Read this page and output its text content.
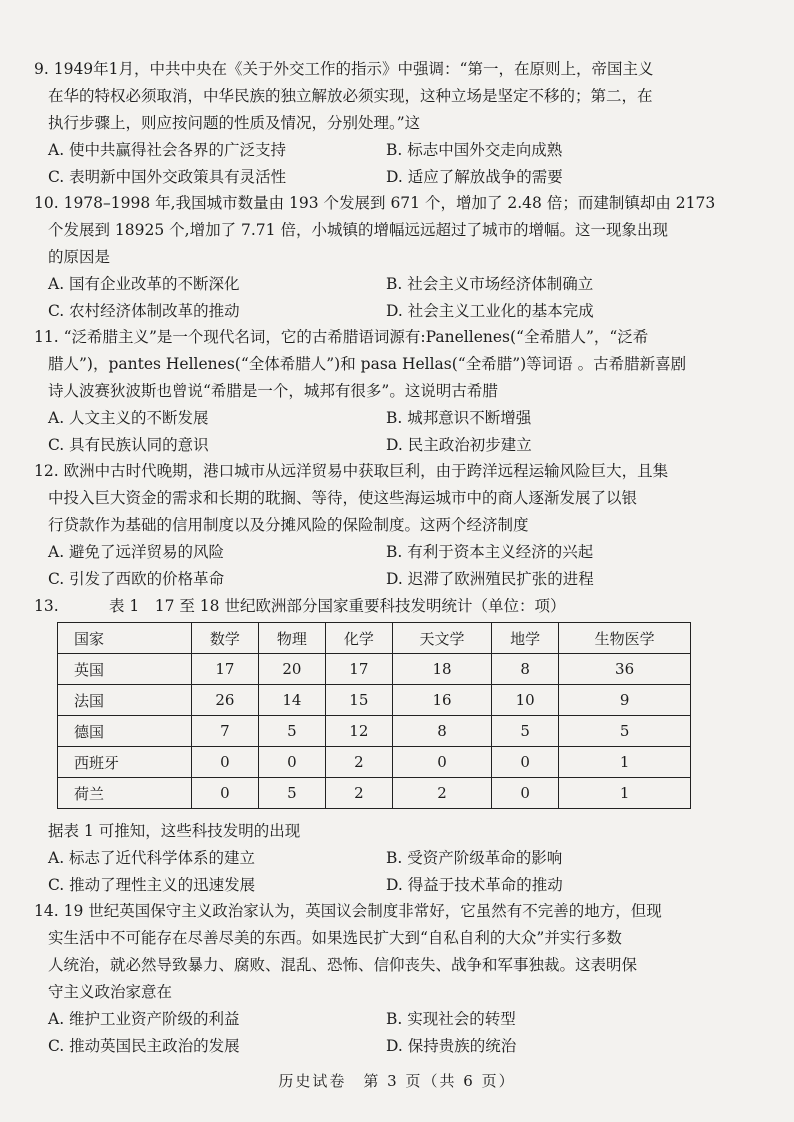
9. 1949年1月，中共中央在《关于外交工作的指示》中强调：“第一，在原则上，帝国主义
在华的特权必须取消，中华民族的独立解放必须实现，这种立场是坚定不移的；第二，在
执行步骤上，则应按问题的性质及情况，分别处理。”这
A. 使中共赢得社会各界的广泛支持	B. 标志中国外交走向成熟
C. 表明新中国外交政策具有灵活性	D. 适应了解放战争的需要
10. 1978–1998 年,我国城市数量由 193 个发展到 671 个，增加了 2.48 倍；而建制镇却由 2173
个发展到 18925 个,增加了 7.71 倍，小城镇的增幅远远超过了城市的增幅。这一现象出现
的原因是
A. 国有企业改革的不断深化	B. 社会主义市场经济体制确立
C. 农村经济体制改革的推动	D. 社会主义工业化的基本完成
11. “泛希腊主义”是一个现代名词，它的古希腊语词源有:Panellenes(“全希腊人”，“泛希
腊人”)，pantes Hellenes(“全体希腊人”)和 pasa Hellas(“全希腊”)等词语 。古希腊新喜剧
诗人波赛狄波斯也曾说“希腊是一个，城邦有很多”。这说明古希腊
A. 人文主义的不断发展	B. 城邦意识不断增强
C. 具有民族认同的意识	D. 民主政治初步建立
12. 欧洲中古时代晚期，港口城市从远洋贸易中获取巨利，由于跨洋远程运输风险巨大，且集
中投入巨大资金的需求和长期的耽搁、等待，使这些海运城市中的商人逐渐发展了以银
行贷款作为基础的信用制度以及分摊风险的保险制度。这两个经济制度
A. 避免了远洋贸易的风险	B. 有利于资本主义经济的兴起
C. 引发了西欧的价格革命	D. 迟滞了欧洲殖民扩张的进程
13.	表 1　17 至 18 世纪欧洲部分国家重要科技发明统计（单位：项）
国家	数学	物理	化学	天文学	地学	生物医学
英国	17	20	17	18	8	36
法国	26	14	15	16	10	9
德国	7	5	12	8	5	5
西班牙	0	0	2	0	0	1
荷兰	0	5	2	2	0	1
据表 1 可推知，这些科技发明的出现
A. 标志了近代科学体系的建立	B. 受资产阶级革命的影响
C. 推动了理性主义的迅速发展	D. 得益于技术革命的推动
14. 19 世纪英国保守主义政治家认为，英国议会制度非常好，它虽然有不完善的地方，但现
实生活中不可能存在尽善尽美的东西。如果选民扩大到“自私自利的大众”并实行多数
人统治，就必然导致暴力、腐败、混乱、恐怖、信仰丧失、战争和军事独裁。这表明保
守主义政治家意在
A. 维护工业资产阶级的利益	B. 实现社会的转型
C. 推动英国民主政治的发展	D. 保持贵族的统治
历史试卷　第 3 页（共 6 页）
